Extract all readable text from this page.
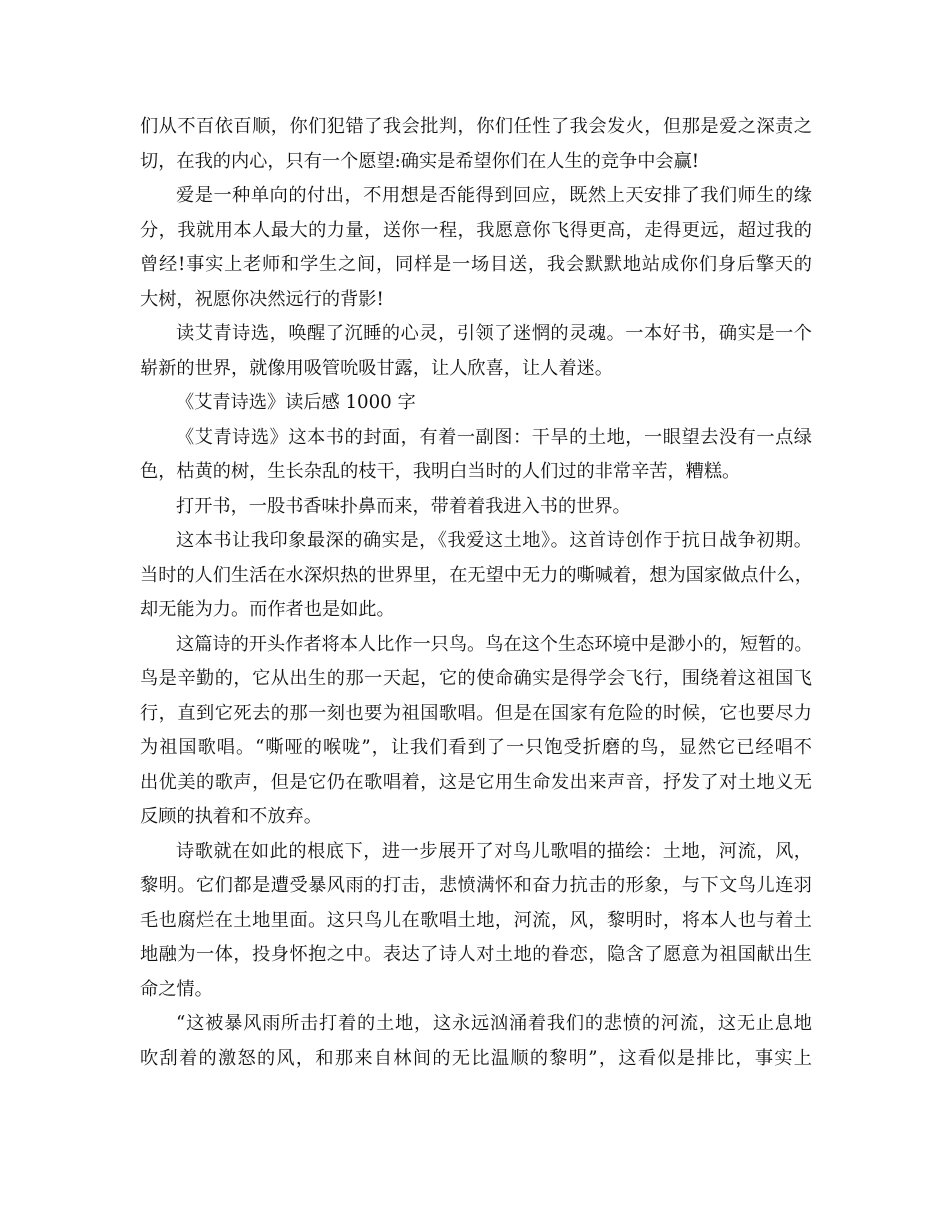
们从不百依百顺，你们犯错了我会批判，你们任性了我会发火，但那是爱之深责之
切，在我的内心，只有一个愿望:确实是希望你们在人生的竞争中会赢!
爱是一种单向的付出，不用想是否能得到回应，既然上天安排了我们师生的缘
分，我就用本人最大的力量，送你一程，我愿意你飞得更高，走得更远，超过我的
曾经!事实上老师和学生之间，同样是一场目送，我会默默地站成你们身后擎天的
大树，祝愿你决然远行的背影!
读艾青诗选，唤醒了沉睡的心灵，引领了迷惘的灵魂。一本好书，确实是一个
崭新的世界，就像用吸管吮吸甘露，让人欣喜，让人着迷。
《艾青诗选》读后感 1000 字
《艾青诗选》这本书的封面，有着一副图：干旱的土地，一眼望去没有一点绿
色，枯黄的树，生长杂乱的枝干，我明白当时的人们过的非常辛苦，糟糕。
打开书，一股书香味扑鼻而来，带着着我进入书的世界。
这本书让我印象最深的确实是，《我爱这土地》。这首诗创作于抗日战争初期。
当时的人们生活在水深炽热的世界里，在无望中无力的嘶喊着，想为国家做点什么，
却无能为力。而作者也是如此。
这篇诗的开头作者将本人比作一只鸟。鸟在这个生态环境中是渺小的，短暂的。
鸟是辛勤的，它从出生的那一天起，它的使命确实是得学会飞行，围绕着这祖国飞
行，直到它死去的那一刻也要为祖国歌唱。但是在国家有危险的时候，它也要尽力
为祖国歌唱。“嘶哑的喉咙”，让我们看到了一只饱受折磨的鸟，显然它已经唱不
出优美的歌声，但是它仍在歌唱着，这是它用生命发出来声音，抒发了对土地义无
反顾的执着和不放弃。
诗歌就在如此的根底下，进一步展开了对鸟儿歌唱的描绘：土地，河流，风，
黎明。它们都是遭受暴风雨的打击，悲愤满怀和奋力抗击的形象，与下文鸟儿连羽
毛也腐烂在土地里面。这只鸟儿在歌唱土地，河流，风，黎明时，将本人也与着土
地融为一体，投身怀抱之中。表达了诗人对土地的眷恋，隐含了愿意为祖国献出生
命之情。
“这被暴风雨所击打着的土地，这永远汹涌着我们的悲愤的河流，这无止息地
吹刮着的激怒的风，和那来自林间的无比温顺的黎明”，这看似是排比，事实上
